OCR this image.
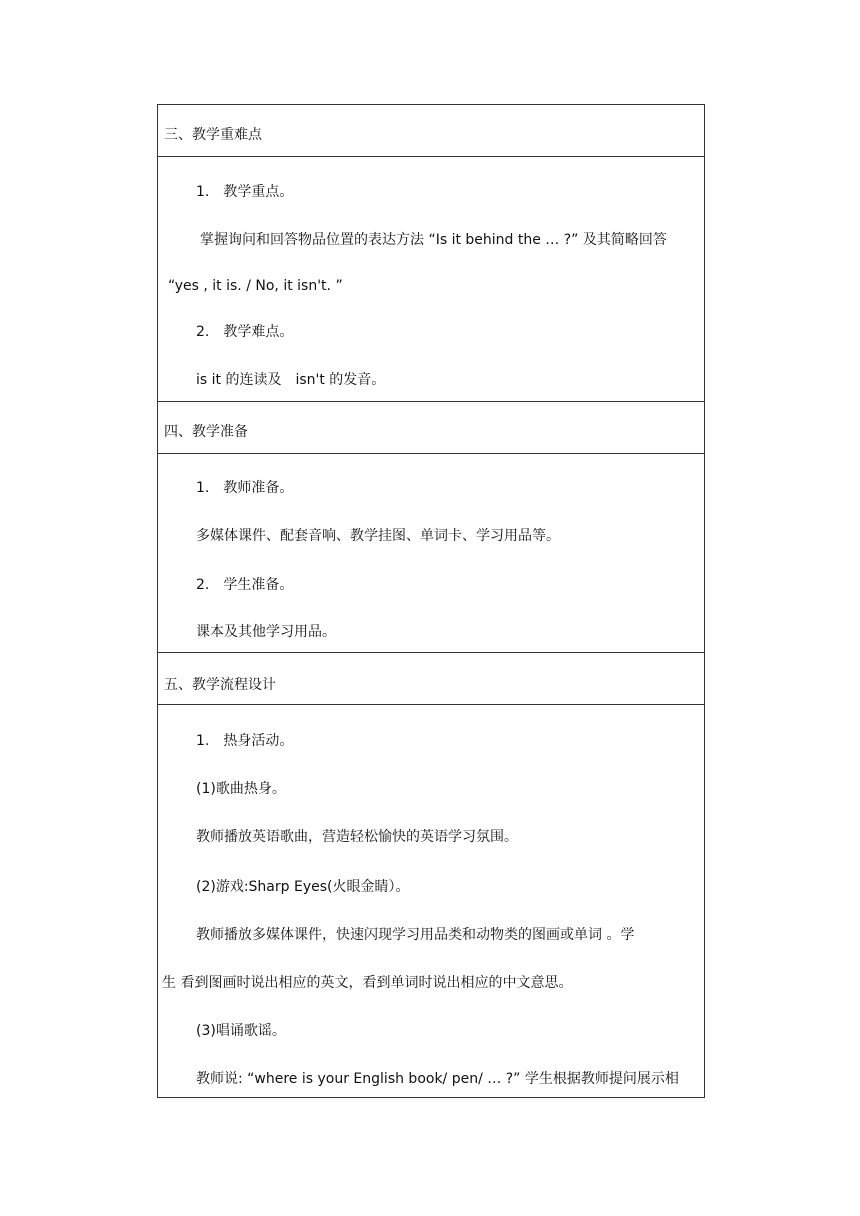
三、教学重难点
1.　教学重点。
掌握询问和回答物品位置的表达方法 “Is it behind the … ?” 及其简略回答
“yes , it is. / No, it isn't. ”
2.　教学难点。
is it 的连读及　isn't 的发音。
四、教学准备
1.　教师准备。
多媒体课件、配套音响、教学挂图、单词卡、学习用品等。
2.　学生准备。
课本及其他学习用品。
五、教学流程设计
1.　热身活动。
(1)歌曲热身。
教师播放英语歌曲，营造轻松愉快的英语学习氛围。
(2)游戏:Sharp Eyes(火眼金睛）。
教师播放多媒体课件，快速闪现学习用品类和动物类的图画或单词 。学
生 看到图画时说出相应的英文，看到单词时说出相应的中文意思。
(3)唱诵歌谣。
教师说: “where is your English book/ pen/ … ?” 学生根据教师提问展示相
